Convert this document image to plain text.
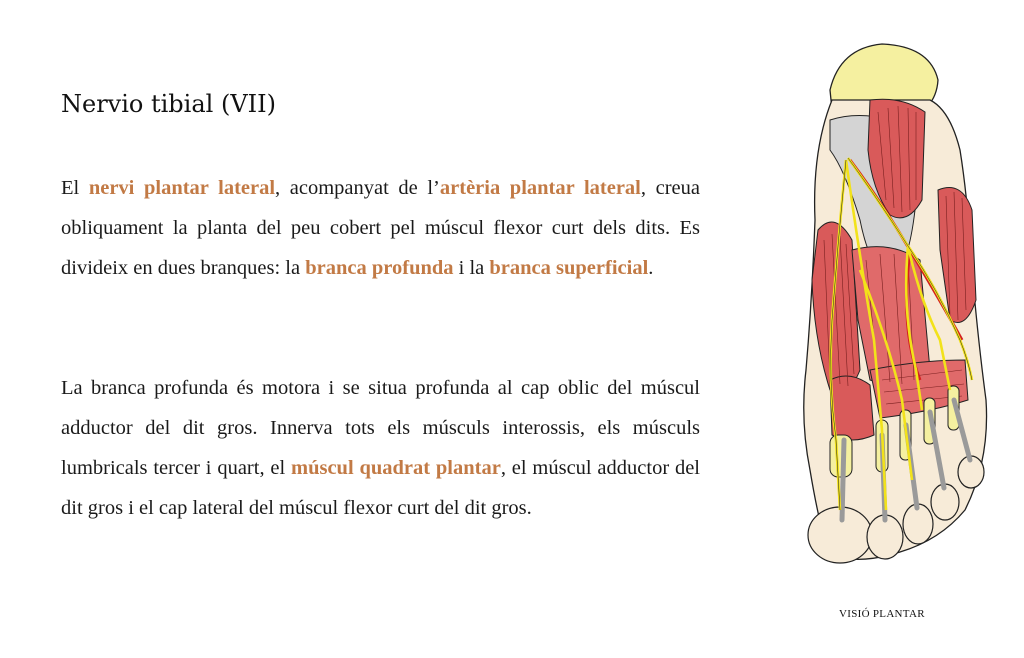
Nervio tibial (VII)

El nervi plantar lateral, acompanyat de l’artèria plantar lateral, creua obliquament la planta del peu cobert pel múscul flexor curt dels dits. Es divideix en dues branques: la branca profunda i la branca superficial.

La branca profunda és motora i se situa profunda al cap oblic del múscul adductor del dit gros. Innerva tots els músculs interossis, els músculs lumbricals tercer i quart, el múscul quadrat plantar, el múscul adductor del dit gros i el cap lateral del múscul flexor curt del dit gros.

VISIÓ PLANTAR
